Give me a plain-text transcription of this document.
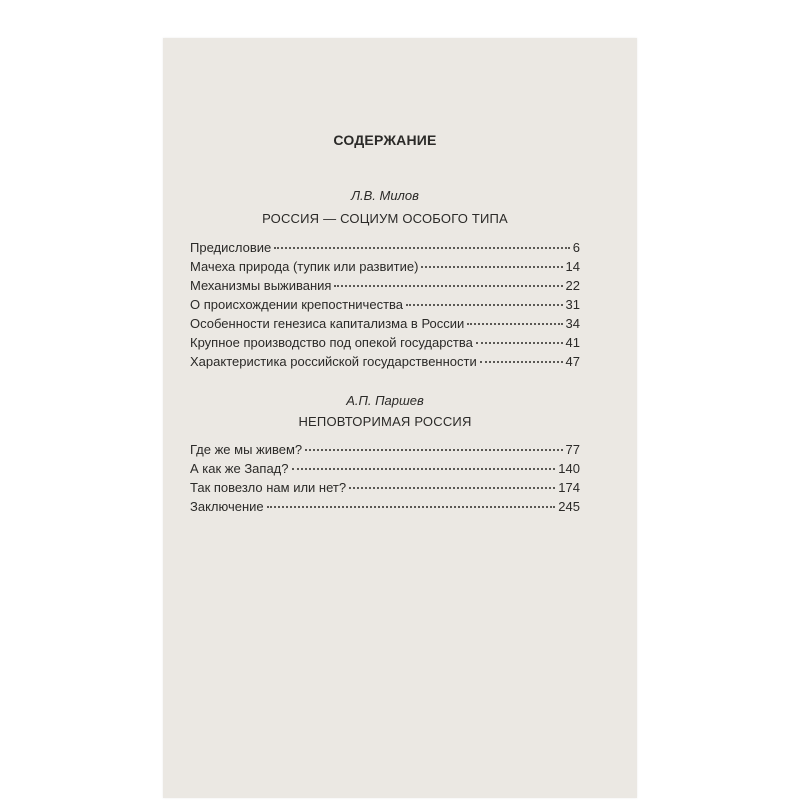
СОДЕРЖАНИЕ
Л.В. Милов
РОССИЯ — СОЦИУМ ОСОБОГО ТИПА
Предисловие	6
Мачеха природа (тупик или развитие)	14
Механизмы выживания	22
О происхождении крепостничества	31
Особенности генезиса капитализма в России	34
Крупное производство под опекой государства	41
Характеристика российской государственности	47
А.П. Паршев
НЕПОВТОРИМАЯ РОССИЯ
Где же мы живем?	77
А как же Запад?	140
Так повезло нам или нет?	174
Заключение	245
